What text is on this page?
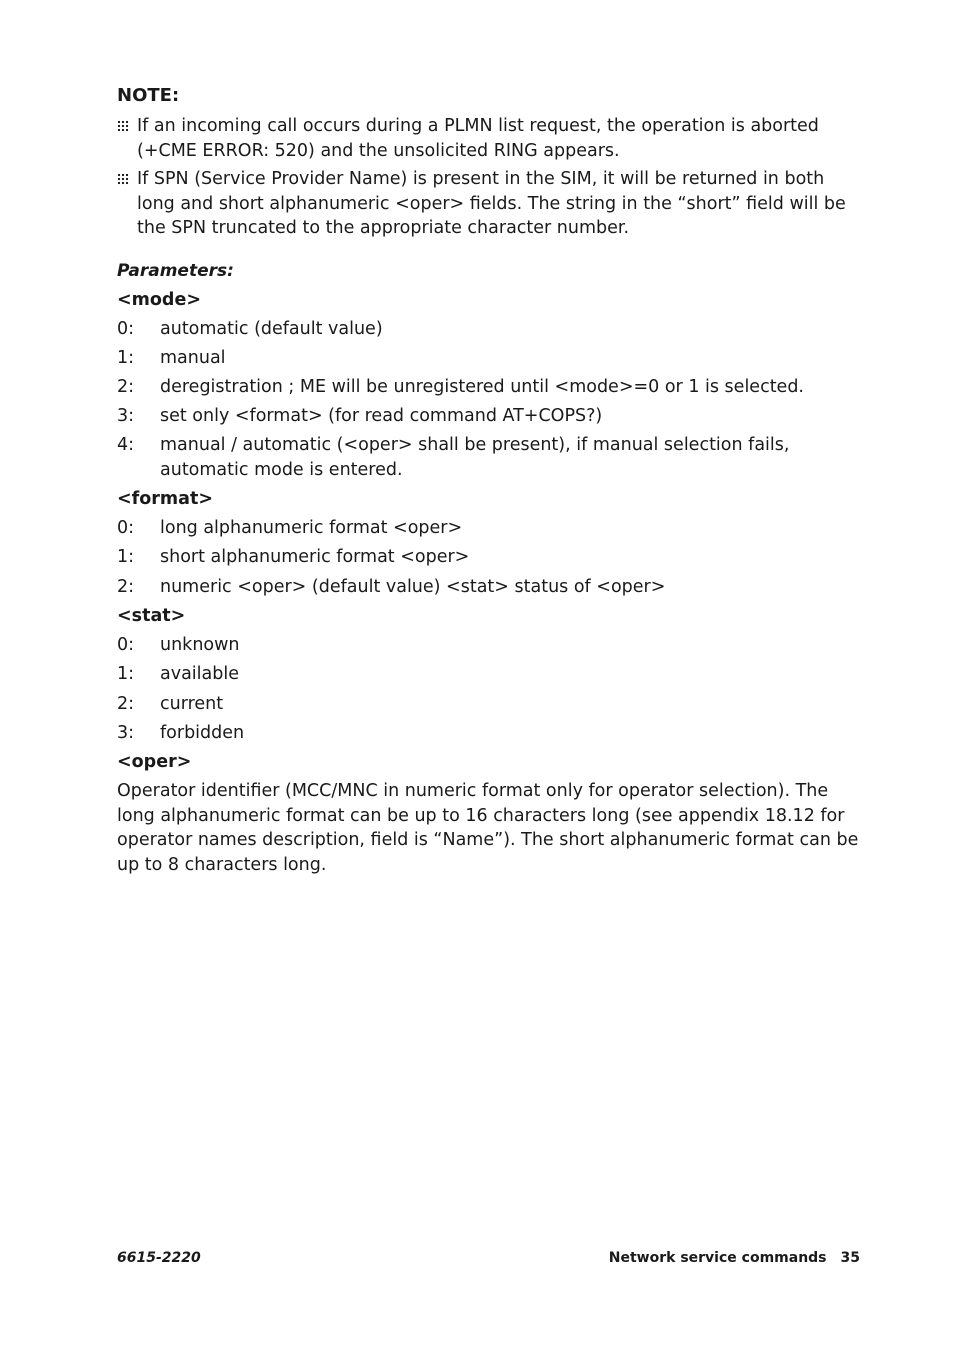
NOTE:
If an incoming call occurs during a PLMN list request, the operation is aborted (+CME ERROR: 520) and the unsolicited RING appears.
If SPN (Service Provider Name) is present in the SIM, it will be returned in both long and short alphanumeric <oper> fields. The string in the “short” field will be the SPN truncated to the appropriate character number.
Parameters:
<mode>
0:	automatic (default value)
1:	manual
2:	deregistration ; ME will be unregistered until <mode>=0 or 1 is selected.
3:	set only <format> (for read command AT+COPS?)
4:	manual / automatic (<oper> shall be present), if manual selection fails, automatic mode is entered.
<format>
0:	long alphanumeric format <oper>
1:	short alphanumeric format <oper>
2:	numeric <oper> (default value) <stat> status of <oper>
<stat>
0:	unknown
1:	available
2:	current
3:	forbidden
<oper>

Operator identifier (MCC/MNC in numeric format only for operator selection). The long alphanumeric format can be up to 16 characters long (see appendix 18.12 for operator names description, field is “Name”). The short alphanumeric format can be up to 8 characters long.

6615-2220	Network service commands 35
